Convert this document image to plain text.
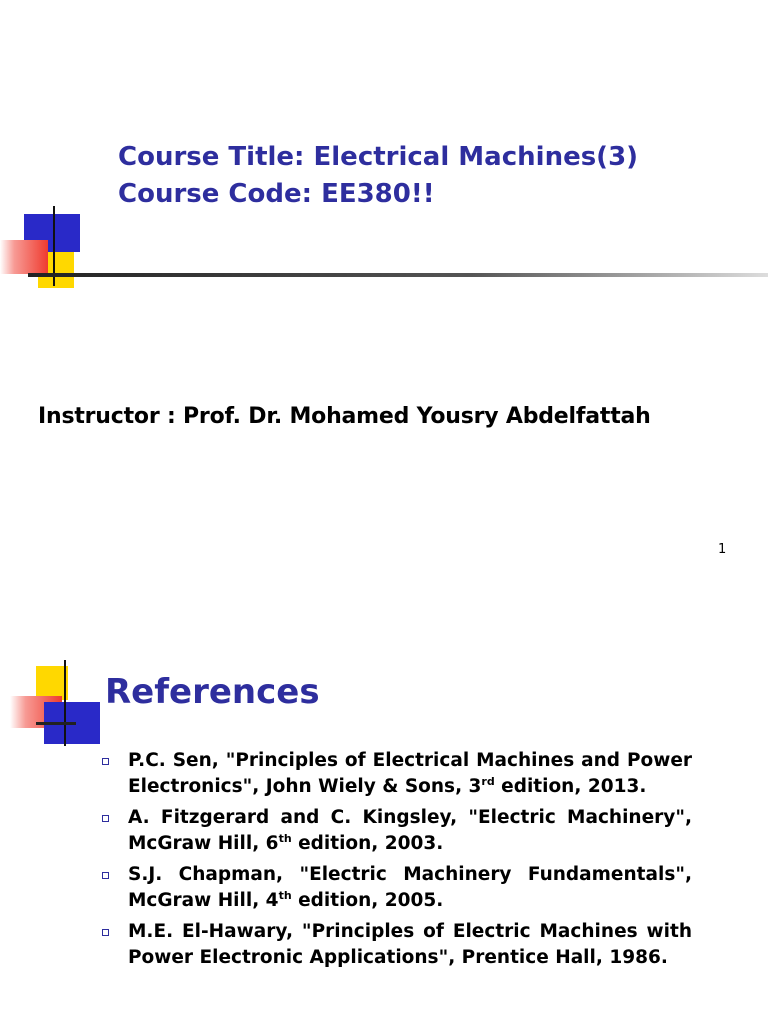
Course Title: Electrical Machines(3)
Course Code: EE380!!
Instructor : Prof. Dr. Mohamed Yousry Abdelfattah
1
References
P.C. Sen, "Principles of Electrical Machines and Power Electronics", John Wiely & Sons, 3rd edition, 2013.
A. Fitzgerard and C. Kingsley, "Electric Machinery", McGraw Hill, 6th edition, 2003.
S.J. Chapman, "Electric Machinery Fundamentals", McGraw Hill, 4th edition, 2005.
M.E. El-Hawary, "Principles of Electric Machines with Power Electronic Applications", Prentice Hall, 1986.
